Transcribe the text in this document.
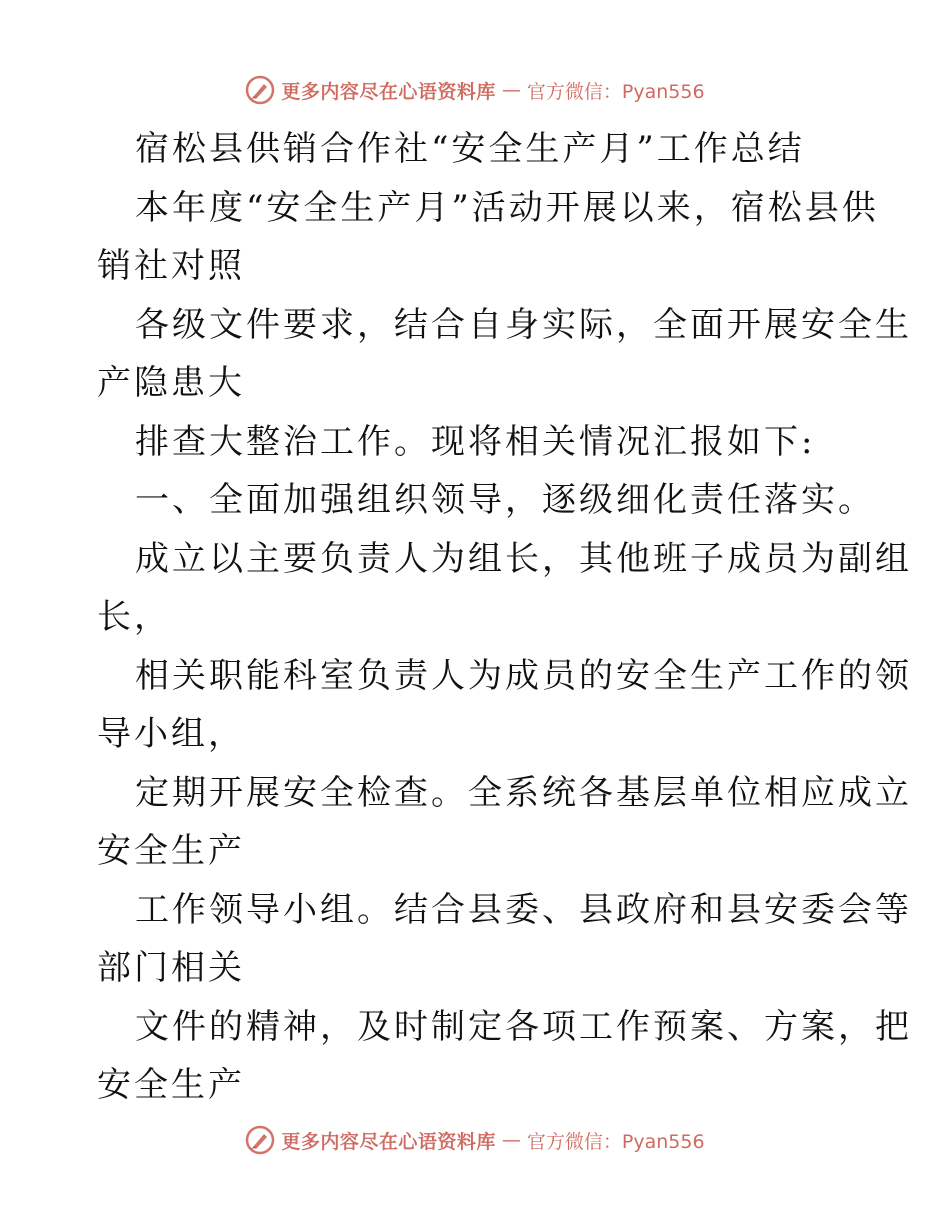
更多内容尽在心语资料库 — 官方微信：Pyan556
宿松县供销合作社“安全生产月”工作总结
本年度“安全生产月”活动开展以来，宿松县供
销社对照
各级文件要求，结合自身实际，全面开展安全生
产隐患大
排查大整治工作。现将相关情况汇报如下:
一、全面加强组织领导，逐级细化责任落实。
成立以主要负责人为组长，其他班子成员为副组
长，
相关职能科室负责人为成员的安全生产工作的领
导小组，
定期开展安全检查。全系统各基层单位相应成立
安全生产
工作领导小组。结合县委、县政府和县安委会等
部门相关
文件的精神，及时制定各项工作预案、方案，把
安全生产
更多内容尽在心语资料库 — 官方微信：Pyan556
